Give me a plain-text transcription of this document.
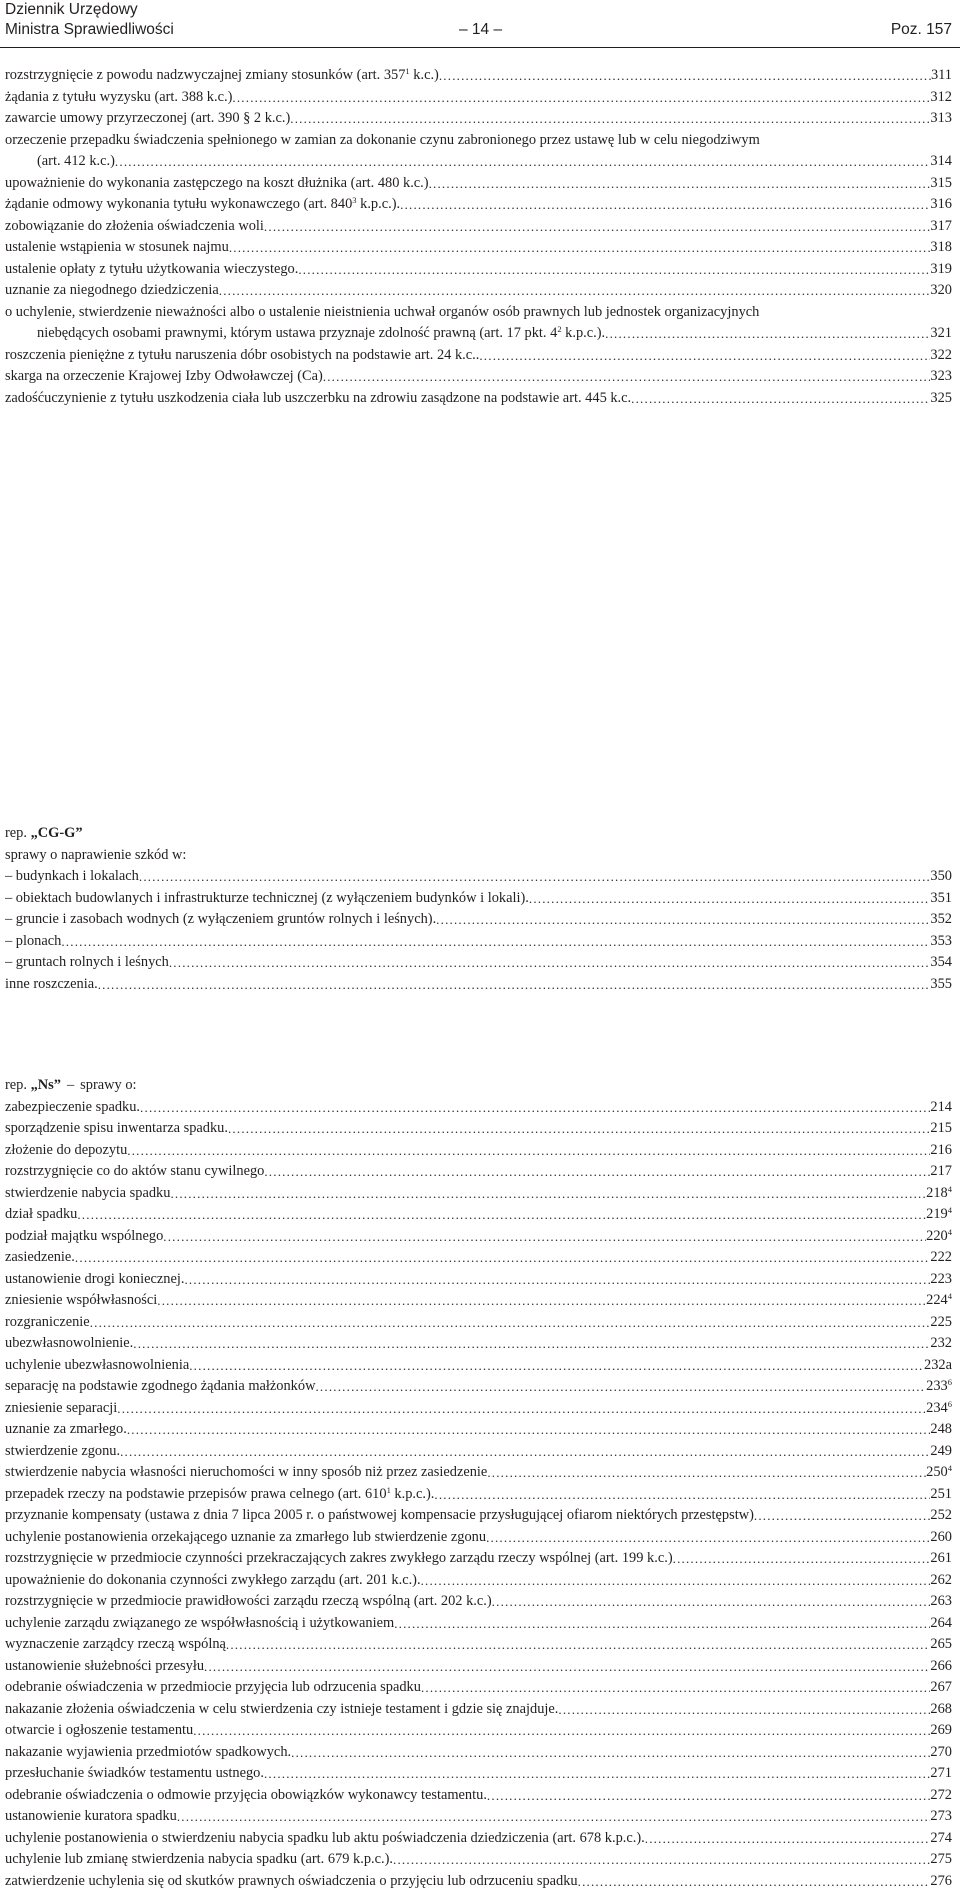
Dziennik Urzędowy
Ministra Sprawiedliwości	– 14 –	Poz. 157
rozstrzygnięcie z powodu nadzwyczajnej zmiany stosunków (art. $357^1$ k.c.) .....	311
żądania z tytułu wyzysku (art. 388 k.c.) .....	312
zawarcie umowy przyrzeczonej (art. 390 § 2 k.c.) .....	313
orzeczenie przepadku świadczenia spełnionego w zamian za dokonanie czynu zabronionego przez ustawę lub w celu niegodziwym
(art. 412 k.c.) .....	314
upoważnienie do wykonania zastępczego na koszt dłużnika (art. 480 k.c.) .....	315
żądanie odmowy wykonania tytułu wykonawczego (art. $840^3$ k.p.c.). .....	316
zobowiązanie do złożenia oświadczenia woli .....	317
ustalenie wstąpienia w stosunek najmu .....	318
ustalenie opłaty z tytułu użytkowania wieczystego. .....	319
uznanie za niegodnego dziedziczenia .....	320
o uchylenie, stwierdzenie nieważności albo o ustalenie nieistnienia uchwał organów osób prawnych lub jednostek organizacyjnych
niebędących osobami prawnymi, którym ustawa przyznaje zdolność prawną (art. 17 pkt. $4^2$ k.p.c.). .....	321
roszczenia pieniężne z tytułu naruszenia dóbr osobistych na podstawie art. 24 k.c.. .....	322
skarga na orzeczenie Krajowej Izby Odwoławczej (Ca) .....	323
zadośćuczynienie z tytułu uszkodzenia ciała lub uszczerbku na zdrowiu zasądzone na podstawie art. 445 k.c. .....	325
rep. „CG-G”
sprawy o naprawienie szkód w:
– budynkach i lokalach .....	350
– obiektach budowlanych i infrastrukturze technicznej (z wyłączeniem budynków i lokali). .....	351
– gruncie i zasobach wodnych (z wyłączeniem gruntów rolnych i leśnych). .....	352
– plonach .....	353
– gruntach rolnych i leśnych .....	354
inne roszczenia. .....	355
rep. „Ns” – sprawy o:
zabezpieczenie spadku. .....	214
sporządzenie spisu inwentarza spadku. .....	215
złożenie do depozytu .....	216
rozstrzygnięcie co do aktów stanu cywilnego .....	217
stwierdzenie nabycia spadku .....	$218^4$
dział spadku .....	$219^4$
podział majątku wspólnego .....	$220^4$
zasiedzenie. .....	222
ustanowienie drogi koniecznej. .....	223
zniesienie współwłasności .....	$224^4$
rozgraniczenie .....	225
ubezwłasnowolnienie. .....	232
uchylenie ubezwłasnowolnienia .....	232a
separację na podstawie zgodnego żądania małżonków .....	$233^6$
zniesienie separacji .....	$234^6$
uznanie za zmarłego. .....	248
stwierdzenie zgonu. .....	249
stwierdzenie nabycia własności nieruchomości w inny sposób niż przez zasiedzenie .....	$250^4$
przepadek rzeczy na podstawie przepisów prawa celnego (art. $610^1$ k.p.c.). .....	251
przyznanie kompensaty (ustawa z dnia 7 lipca 2005 r. o państwowej kompensacie przysługującej ofiarom niektórych przestępstw) .....	252
uchylenie postanowienia orzekającego uznanie za zmarłego lub stwierdzenie zgonu .....	260
rozstrzygnięcie w przedmiocie czynności przekraczających zakres zwykłego zarządu rzeczy wspólnej (art. 199 k.c.) .....	261
upoważnienie do dokonania czynności zwykłego zarządu (art. 201 k.c.). .....	262
rozstrzygnięcie w przedmiocie prawidłowości zarządu rzeczą wspólną (art. 202 k.c.) .....	263
uchylenie zarządu związanego ze współwłasnością i użytkowaniem .....	264
wyznaczenie zarządcy rzeczą wspólną .....	265
ustanowienie służebności przesyłu .....	266
odebranie oświadczenia w przedmiocie przyjęcia lub odrzucenia spadku .....	267
nakazanie złożenia oświadczenia w celu stwierdzenia czy istnieje testament i gdzie się znajduje. .....	268
otwarcie i ogłoszenie testamentu .....	269
nakazanie wyjawienia przedmiotów spadkowych. .....	270
przesłuchanie świadków testamentu ustnego. .....	271
odebranie oświadczenia o odmowie przyjęcia obowiązków wykonawcy testamentu. .....	272
ustanowienie kuratora spadku .....	273
uchylenie postanowienia o stwierdzeniu nabycia spadku lub aktu poświadczenia dziedziczenia (art. 678 k.p.c.). .....	274
uchylenie lub zmianę stwierdzenia nabycia spadku (art. 679 k.p.c.). .....	275
zatwierdzenie uchylenia się od skutków prawnych oświadczenia o przyjęciu lub odrzuceniu spadku .....	276
